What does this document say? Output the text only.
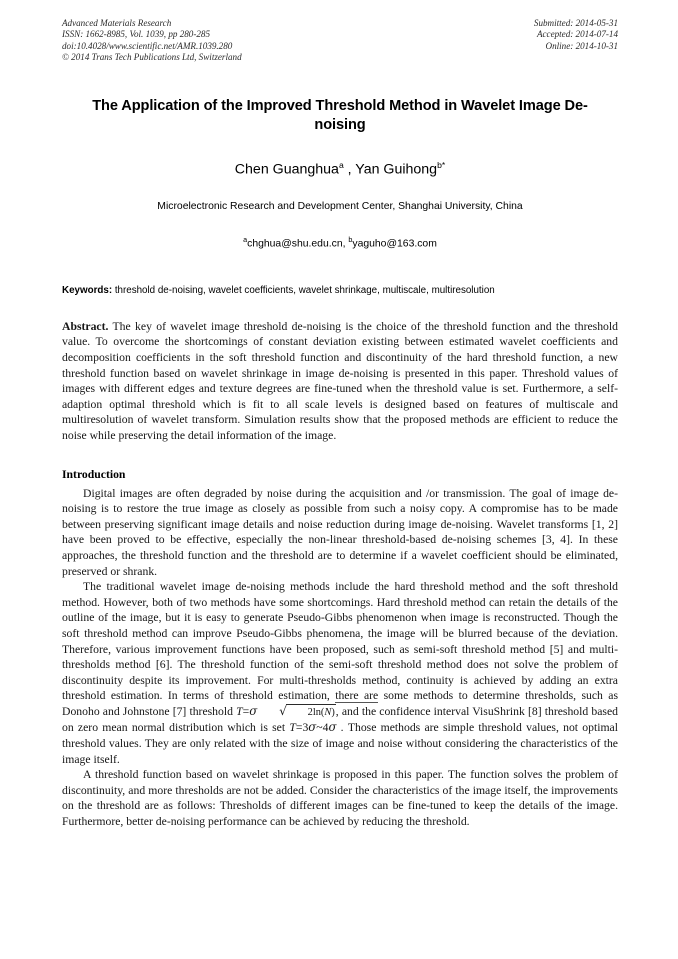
Advanced Materials Research
ISSN: 1662-8985, Vol. 1039, pp 280-285
doi:10.4028/www.scientific.net/AMR.1039.280
© 2014 Trans Tech Publications Ltd, Switzerland
Submitted: 2014-05-31
Accepted: 2014-07-14
Online: 2014-10-31
The Application of the Improved Threshold Method in Wavelet Image De-noising
Chen Guanghua$^a$ , Yan Guihong$^{b*}$
Microelectronic Research and Development Center, Shanghai University, China
$^a$chghua@shu.edu.cn, $^b$yaguho@163.com
Keywords: threshold de-noising, wavelet coefficients, wavelet shrinkage, multiscale, multiresolution
Abstract. The key of wavelet image threshold de-noising is the choice of the threshold function and the threshold value. To overcome the shortcomings of constant deviation existing between estimated wavelet coefficients and decomposition coefficients in the soft threshold function and discontinuity of the hard threshold function, a new threshold function based on wavelet shrinkage in image de-noising is presented in this paper. Threshold values of images with different edges and texture degrees are fine-tuned when the threshold value is set. Furthermore, a self-adaption optimal threshold which is fit to all scale levels is designed based on features of multiscale and multiresolution of wavelet transform. Simulation results show that the proposed methods are efficient to reduce the noise while preserving the detail information of the image.
Introduction

Digital images are often degraded by noise during the acquisition and /or transmission. The goal of image de-noising is to restore the true image as closely as possible from such a noisy copy. A compromise has to be made between preserving significant image details and noise reduction during image de-noising. Wavelet transforms [1, 2] have been proved to be effective, especially the non-linear threshold-based de-noising schemes [3, 4]. In these approaches, the threshold function and the threshold are to determine if a wavelet coefficient should be eliminated, preserved or shrank.

The traditional wavelet image de-noising methods include the hard threshold method and the soft threshold method. However, both of two methods have some shortcomings. Hard threshold method can retain the details of the outline of the image, but it is easy to generate Pseudo-Gibbs phenomenon when image is reconstructed. Though the soft threshold method can improve Pseudo-Gibbs phenomena, the image will be blurred because of the deviation. Therefore, various improvement functions have been proposed, such as semi-soft threshold method [5] and multi-thresholds method [6]. The threshold function of the semi-soft threshold method does not solve the problem of discontinuity despite its improvement. For multi-thresholds method, continuity is achieved by adding an extra threshold estimation. In terms of threshold estimation, there are some methods to determine thresholds, such as Donoho and Johnstone [7] threshold T=σ √ 2ln(N), and the confidence interval VisuShrink [8] threshold based on zero mean normal distribution which is set T=3σ~4σ . Those methods are simple threshold values, not optimal threshold values. They are only related with the size of image and noise without considering the characteristics of the image itself.

A threshold function based on wavelet shrinkage is proposed in this paper. The function solves the problem of discontinuity, and more thresholds are not be added. Consider the characteristics of the image itself, the improvements on the threshold are as follows: Thresholds of different images can be fine-tuned to keep the details of the image. Furthermore, better de-noising performance can be achieved by reducing the threshold.
